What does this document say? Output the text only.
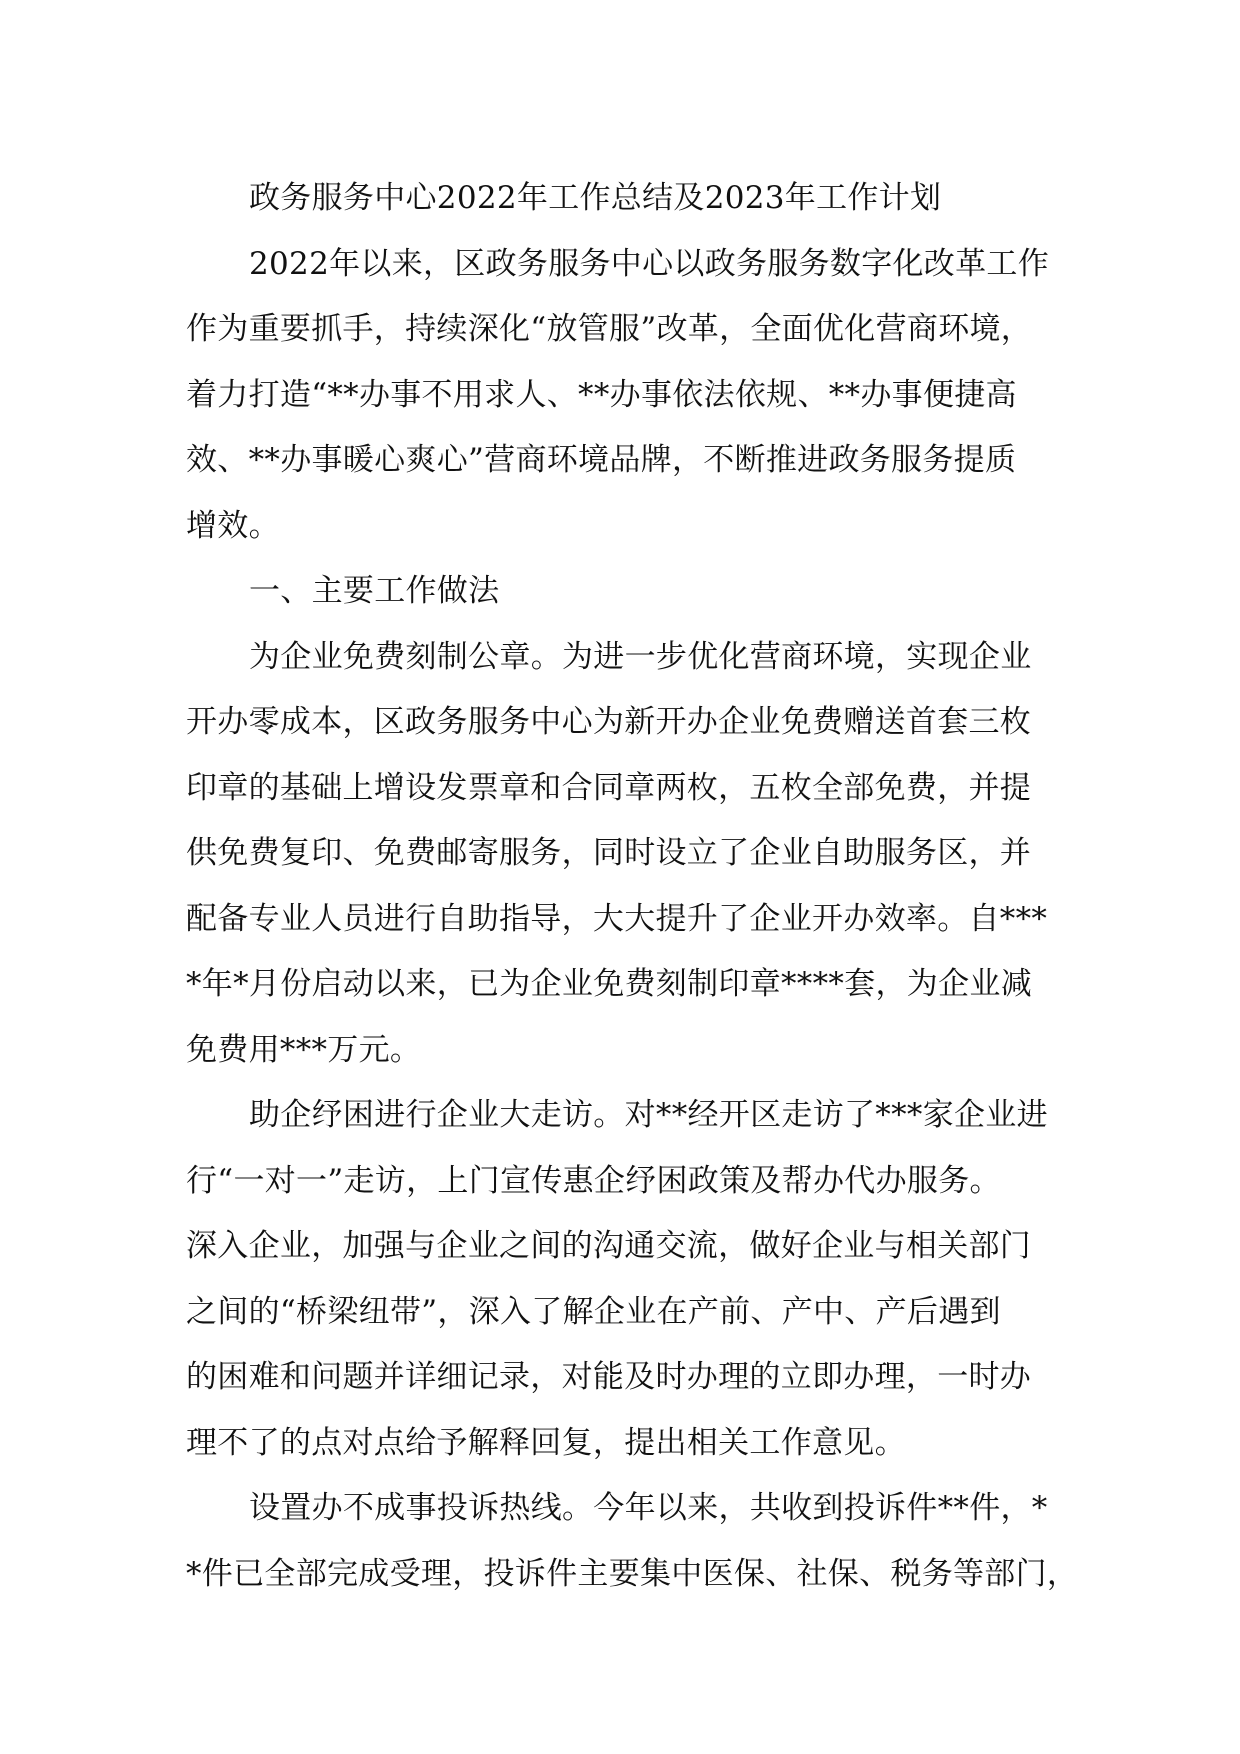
政务服务中心2022年工作总结及2023年工作计划
2022年以来，区政务服务中心以政务服务数字化改革工作
作为重要抓手，持续深化“放管服”改革，全面优化营商环境，
着力打造“**办事不用求人、**办事依法依规、**办事便捷高
效、**办事暖心爽心”营商环境品牌，不断推进政务服务提质
增效。
一、主要工作做法
为企业免费刻制公章。为进一步优化营商环境，实现企业
开办零成本，区政务服务中心为新开办企业免费赠送首套三枚
印章的基础上增设发票章和合同章两枚，五枚全部免费，并提
供免费复印、免费邮寄服务，同时设立了企业自助服务区，并
配备专业人员进行自助指导，大大提升了企业开办效率。自***
*年*月份启动以来，已为企业免费刻制印章****套，为企业减
免费用***万元。
助企纾困进行企业大走访。对**经开区走访了***家企业进
行“一对一”走访，上门宣传惠企纾困政策及帮办代办服务。
深入企业，加强与企业之间的沟通交流，做好企业与相关部门
之间的“桥梁纽带”，深入了解企业在产前、产中、产后遇到
的困难和问题并详细记录，对能及时办理的立即办理，一时办
理不了的点对点给予解释回复，提出相关工作意见。
设置办不成事投诉热线。今年以来，共收到投诉件**件，*
*件已全部完成受理，投诉件主要集中医保、社保、税务等部门，
